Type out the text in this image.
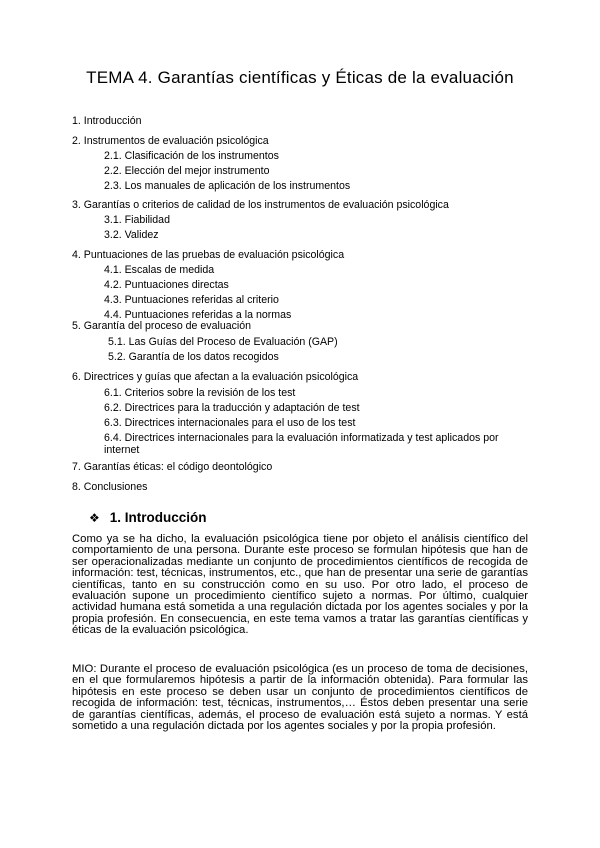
TEMA 4. Garantías científicas y Éticas de la evaluación
1. Introducción
2. Instrumentos de evaluación psicológica
2.1. Clasificación de los instrumentos
2.2. Elección del mejor instrumento
2.3. Los manuales de aplicación de los instrumentos
3. Garantías o criterios de calidad de los instrumentos de evaluación psicológica
3.1. Fiabilidad
3.2. Validez
4. Puntuaciones de las pruebas de evaluación psicológica
4.1. Escalas de medida
4.2. Puntuaciones directas
4.3. Puntuaciones referidas al criterio
4.4. Puntuaciones referidas a la normas
5. Garantía del proceso de evaluación
5.1. Las Guías del Proceso de Evaluación (GAP)
5.2. Garantía de los datos recogidos
6. Directrices y guías que afectan a la evaluación psicológica
6.1. Criterios sobre la revisión de los test
6.2. Directrices para la traducción y adaptación de test
6.3. Directrices internacionales para el uso de los test
6.4. Directrices internacionales para la evaluación informatizada y test aplicados por internet
7. Garantías éticas: el código deontológico
8. Conclusiones
❖ 1. Introducción

Como ya se ha dicho, la evaluación psicológica tiene por objeto el análisis científico del comportamiento de una persona. Durante este proceso se formulan hipótesis que han de ser operacionalizadas mediante un conjunto de procedimientos científicos de recogida de información: test, técnicas, instrumentos, etc., que han de presentar una serie de garantías científicas, tanto en su construcción como en su uso. Por otro lado, el proceso de evaluación supone un procedimiento científico sujeto a normas. Por último, cualquier actividad humana está sometida a una regulación dictada por los agentes sociales y por la propia profesión. En consecuencia, en este tema vamos a tratar las garantías científicas y éticas de la evaluación psicológica.

MIO: Durante el proceso de evaluación psicológica (es un proceso de toma de decisiones, en el que formularemos hipótesis a partir de la información obtenida). Para formular las hipótesis en este proceso se deben usar un conjunto de procedimientos científicos de recogida de información: test, técnicas, instrumentos,… Éstos deben presentar una serie de garantías científicas, además, el proceso de evaluación está sujeto a normas. Y está sometido a una regulación dictada por los agentes sociales y por la propia profesión.
